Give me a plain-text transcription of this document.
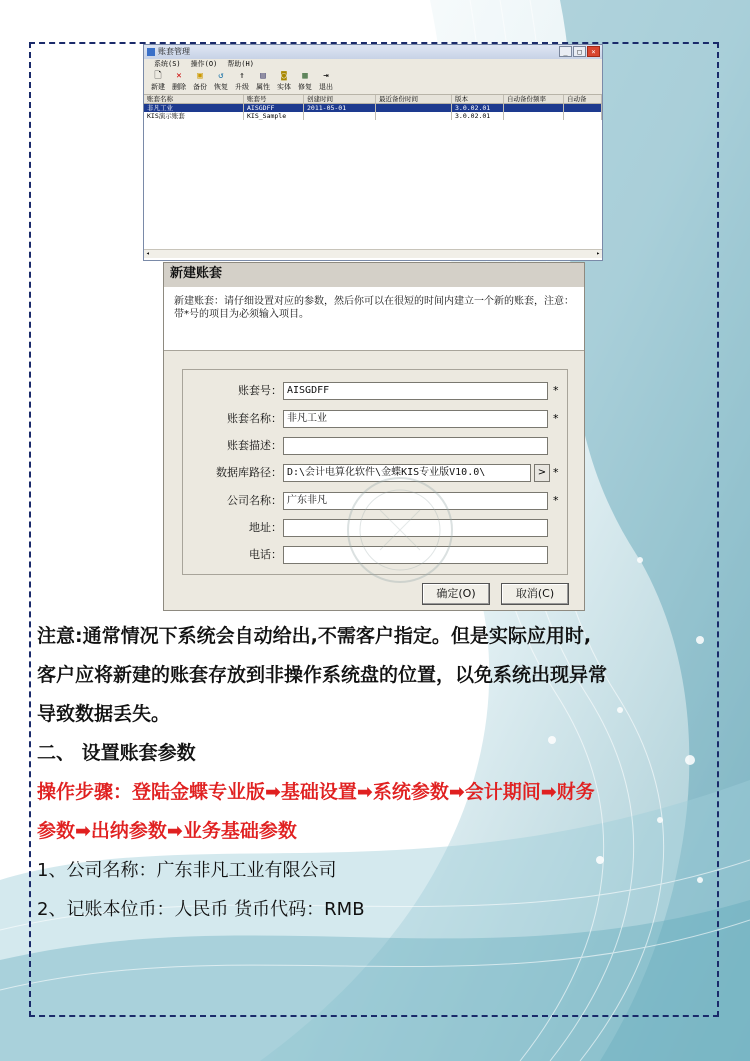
账套管理	_	□	×
系统(S) 操作(O) 帮助(H)
🗋
新建
✕
删除
▣
备份
↺
恢复
⇑
升级
▤
属性
◙
实体
▦
修复
⇥
退出
账套名称	账套号	创建时间	最近备份时间	版本	自动备份频率	自动备
非凡工业	AISGDFF	2011-05-01	3.0.02.01
KIS演示账套	KIS_Sample	3.0.02.01
◂	▸
新建账套
新建账套：请仔细设置对应的参数，然后你可以在很短的时间内建立一个新的账套，注意：带*号的项目为必须输入项目。
账套号： AISGDFF	*
账套名称： 非凡工业	*
账套描述：
数据库路径： D:\会计电算化软件\金蝶KIS专业版V10.0\	> *
公司名称： 广东非凡	*
地址：
电话：
确定(O)	取消(C)
注意:通常情况下系统会自动给出,不需客户指定。但是实际应用时,
客户应将新建的账套存放到非操作系统盘的位置，以免系统出现异常
导致数据丢失。
二、 设置账套参数
操作步骤：登陆金蝶专业版➡基础设置➡系统参数➡会计期间➡财务
参数➡出纳参数➡业务基础参数
1、公司名称：广东非凡工业有限公司
2、记账本位币：人民币 货币代码：RMB
